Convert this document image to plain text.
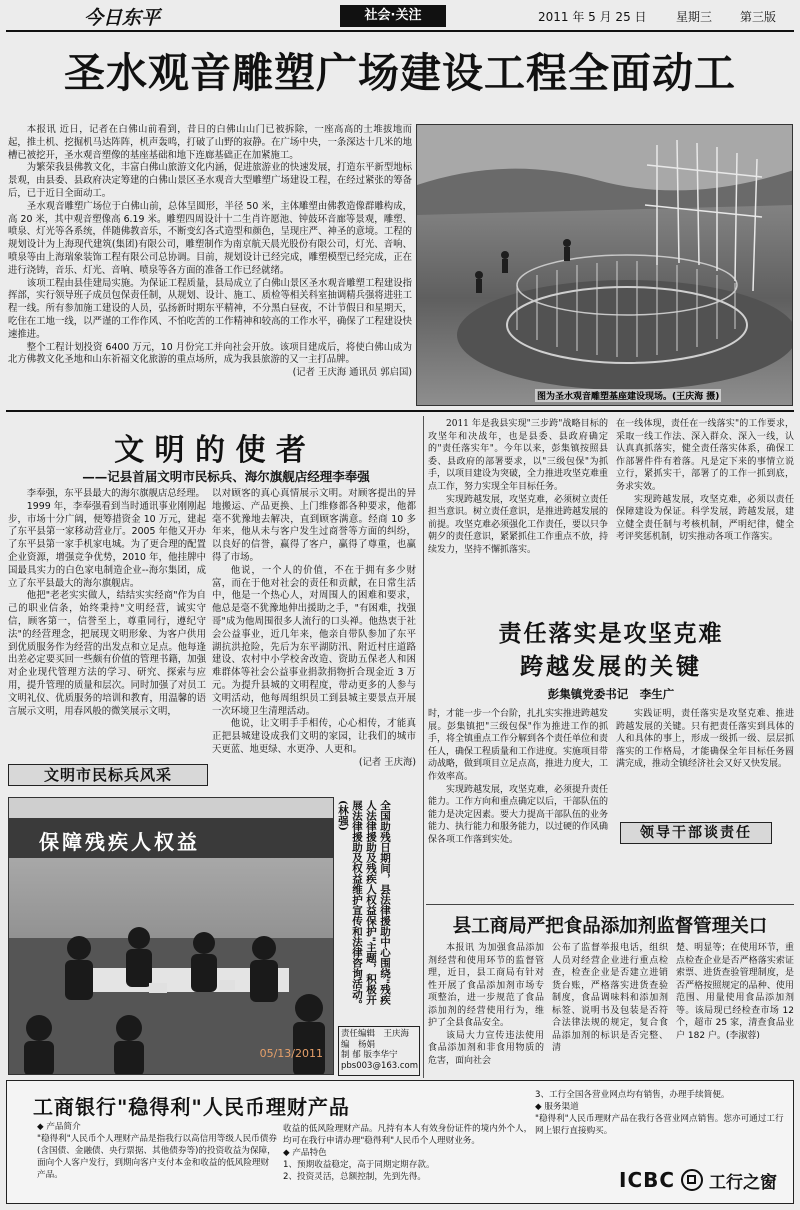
今日东平	社会·关注	2011 年 5 月 25 日 星期三 第三版
圣水观音雕塑广场建设工程全面动工

本报讯 近日，记者在白佛山前看到，昔日的白佛山山门已被拆除，一座高高的土堆拔地而起，推土机、挖掘机马达阵阵，机声轰鸣，打破了山野的寂静。在广场中央，一条深达十几米的地槽已被挖开，圣水观音塑像的基座基础和地下连廊基础正在加紧施工。

为繁荣我县佛教文化，丰富白佛山旅游文化内涵，促进旅游业的快速发展，打造东平新型地标景观，由县委、县政府决定筹建的白佛山景区圣水观音大型雕塑广场建设工程，在经过紧张的筹备后，已于近日全面动工。

圣水观音雕塑广场位于白佛山前，总体呈圆形，半径 50 米，主体雕塑由佛教造像群雕构成，高 20 米，其中观音塑像高 6.19 米。雕塑四周设计十二生肖许愿池、钟鼓环音廊等景观，雕塑、喷泉、灯光等各系统，伴随佛教音乐，不断变幻各式造型和颜色，呈现庄严、神圣的意境。工程的规划设计为上海现代建筑(集团)有限公司，雕塑制作为南京航天晨光股份有限公司，灯光、音响、喷泉等由上海瑞象装饰工程有限公司总协调。目前，规划设计已经完成，雕塑模型已经完成，正在进行浇铸，音乐、灯光、音响、喷泉等各方面的准备工作已经就绪。

该项工程由县佳建局实施。为保证工程质量，县局成立了白佛山景区圣水观音雕塑工程建设指挥部，实行领导班子成员包保责任制，从规划、设计、施工、质检等相关科室抽调精兵强将进驻工程一线。所有参加施工建设的人员，弘扬新时期东平精神，不分黑白昼夜，不计节假日和星期天，吃住在工地一线，以严谨的工作作风、不怕吃苦的工作精神和较高的工作水平，确保了工程建设快速推进。

整个工程计划投资 6400 万元，10 月份完工并向社会开放。该项目建成后，将使白佛山成为北方佛教文化圣地和山东祈福文化旅游的重点场所，成为我县旅游的又一主打品牌。

(记者 王庆海 通讯员 郭启国)

图为圣水观音雕塑基座建设现场。(王庆海 摄)
文 明 的 使 者
——记县首届文明市民标兵、海尔旗舰店经理李奉强

李奉强，东平县最大的海尔旗舰店总经理。

1999 年，李奉强看到当时通讯事业刚刚起步，市场十分广阔，便筹措资金 10 万元，建起了东平县第一家移动营业厅。2005 年他又开办了东平县第一家手机家电城。为了更合理的配置企业资源，增强竞争优势，2010 年，他挂牌中国最具实力的白色家电制造企业--海尔集团，成立了东平县最大的海尔旗舰店。

他把"老老实实做人，结结实实经商"作为自己的职业信条，始终秉持"文明经营，诚实守信，顾客第一，信誉至上，尊重同行，遵纪守法"的经营理念，把展现文明形象、为客户供用到优质服务作为经营的出发点和立足点。他每逢出差必定要买回一些颇有价值的管理书籍，加强对企业现代管理方法的学习、研究、探索与应用，提升管理的质量和层次。同时加强了对员工文明礼仪、优质服务的培训和教育，用温馨的语言展示文明，用春风般的微笑展示文明，

以对顾客的真心真情展示文明。对顾客提出的异地搬运、产品更换、上门维修都各种要求，他都毫不犹豫地去解决，直到顾客满意。经商 10 多年来，他从未与客户发生过商誉等方面的纠纷，以良好的信誉，赢得了客户，赢得了尊重，也赢得了市场。

他说，一个人的价值，不在于拥有多少财富，而在于他对社会的责任和贡献，在日常生活中，他是一个热心人，对周围人的困难和要求，他总是毫不犹豫地伸出援助之手，"有困难，找强哥"成为他周围很多人流行的口头禅。他热衷于社会公益事业，近几年来，他亲自带队参加了东平湖抗洪抢险，先后为东平湖防汛、附近村庄道路建设、农村中小学校舍改造、资助五保老人和困难群体等社会公益事业捐款捐物折合现金近 3 万元。为提升县城的文明程度，带动更多的人参与文明活动，他每周组织员工到县城主要景点开展一次环境卫生清理活动。

他说，让文明手手相传，心心相传，才能真正把县城建设成我们文明的家园，让我们的城市天更蓝、地更绿、水更净、人更和。

(记者 王庆海)

文明市民标兵风采
保障残疾人权益
05/13/2011
全国助残日期间，县法律援助中心围绕"残疾人法律援助及残疾人权益保护"主题，积极开展法律援助及权益维护宣传和法律咨询活动。(林强)
责任编辑　 王庆海
编　 杨娟
制 郁 版李华宁
pbs003@163.com

2011 年是我县实现"三步跨"战略目标的攻坚年和决战年，也是县委、县政府确定的"责任落实年"。今年以来，彭集镇按照县委、县政府的部署要求，以"三级包保"为抓手，以项目建设为突破，全力推进攻坚克难重点工作，努力实现全年目标任务。

实现跨越发展，攻坚克难，必须树立责任担当意识。树立责任意识，是推进跨越发展的前提。攻坚克难必须强化工作责任，要以只争朝夕的责任意识，紧紧抓住工作重点不放，持续发力，坚持不懈抓落实。

在一线体现，责任在一线落实"的工作要求，采取一线工作法、深入群众、深入一线，认认真真抓落实，健全责任落实体系，确保工作部署件件有着落。凡是定下来的事情立说立行，紧抓实干，部署了的工作一抓到底，务求实效。

实现跨越发展，攻坚克难，必须以责任保障建设为保证。科学发展，跨越发展，建立健全责任制与考核机制，严明纪律，健全考评奖惩机制，切实推动各项工作落实。

责任落实是攻坚克难
跨越发展的关键
彭集镇党委书记　李生广

时，才能一步一个台阶，扎扎实实推进跨越发展。彭集镇把"三级包保"作为推进工作的抓手，将全镇重点工作分解到各个责任单位和责任人，确保工程质量和工作进度。实施项目带动战略，做到项目立足点高，推进力度大，工作效率高。

实现跨越发展，攻坚克难，必须提升责任能力。工作方向和重点确定以后，干部队伍的能力是决定因素。要大力提高干部队伍的业务能力、执行能力和服务能力，以过硬的作风确保各项工作落到实处。

实践证明，责任落实是攻坚克难、推进跨越发展的关键。只有把责任落实到具体的人和具体的事上，形成一级抓一级、层层抓落实的工作格局，才能确保全年目标任务圆满完成，推动全镇经济社会又好又快发展。

领导干部谈责任
县工商局严把食品添加剂监督管理关口

本报讯 为加强食品添加剂经营和使用环节的监督管理，近日，县工商局有针对性开展了食品添加剂市场专项整治，进一步规范了食品添加剂的经营使用行为，维护了全县食品安全。

该局大力宣传违法使用食品添加剂和非食用物质的危害，面向社会

公布了监督举报电话，组织人员对经营企业进行重点检查，检查企业是否建立进销货台账，严格落实进货查验制度，食品调味料和添加剂标签、说明书及包装是否符合法律法规的规定，复合食品添加剂的标识是否完整、清

楚、明显等；在使用环节，重点检查企业是否严格落实索证索票、进货查验管理制度，是否严格按照规定的品种、使用范围、用量使用食品添加剂等。该局现已经检查市场 12 个，超市 25 家，清查食品业户 182 户。(李淑蓉)

工商银行"稳得利"人民币理财产品
◆ 产品简介
"稳得利"人民币个人理财产品是指我行以高信用等级人民币债券(含国债、金融债、央行票据、其他债券等)的投资收益为保障，面向个人客户发行，到期向客户支付本金和收益的低风险理财产品。
收益的低风险理财产品。凡持有本人有效身份证件的境内外个人，均可在我行申请办理"稳得利"人民币个人理财业务。
◆ 产品特色
1、预期收益稳定，高于同期定期存款。
2、投资灵活，总额控制，先到先得。
3、工行全国各营业网点均有销售，办理手续简便。
◆ 服务渠道
"稳得利"人民币理财产品在我行各营业网点销售。您亦可通过工行网上银行直接购买。
ICBC 工行之窗
